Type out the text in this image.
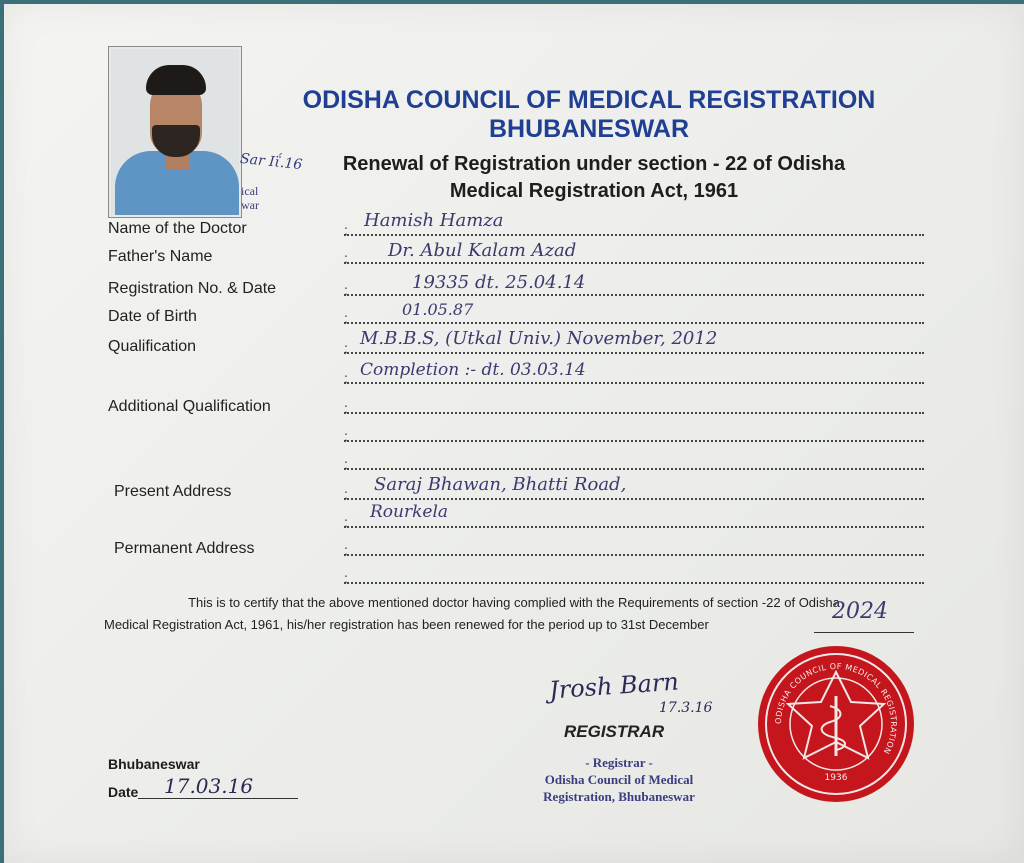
Sar Ιΐ.16
ical
war
ODISHA COUNCIL OF MEDICAL REGISTRATION
BHUBANESWAR
Renewal of Registration under section - 22 of Odisha
Medical Registration Act, 1961
Name of the Doctor	: Hamish Hamza
Father's Name	: Dr. Abul Kalam Azad
Registration No. & Date	:	19335 dt. 25.04.14
Date of Birth	:	01.05.87
Qualification	: M.B.B.S, (Utkal Univ.) November, 2012
: Completion :- dt. 03.03.14
Additional Qualification	:
:
:
Present Address	: Saraj Bhawan, Bhatti Road,
: Rourkela
Permanent Address	:
:
This is to certify that the above mentioned doctor having complied with the Requirements of section -22 of Odisha
Medical Registration Act, 1961, his/her registration has been renewed for the period up to 31st December
2024
Jrosh Barn
17.3.16
REGISTRAR
- Registrar -
Odisha Council of Medical
Registration, Bhubaneswar
Bhubaneswar
Date 17.03.16
ODISHA COUNCIL OF MEDICAL REGISTRATION
1936
